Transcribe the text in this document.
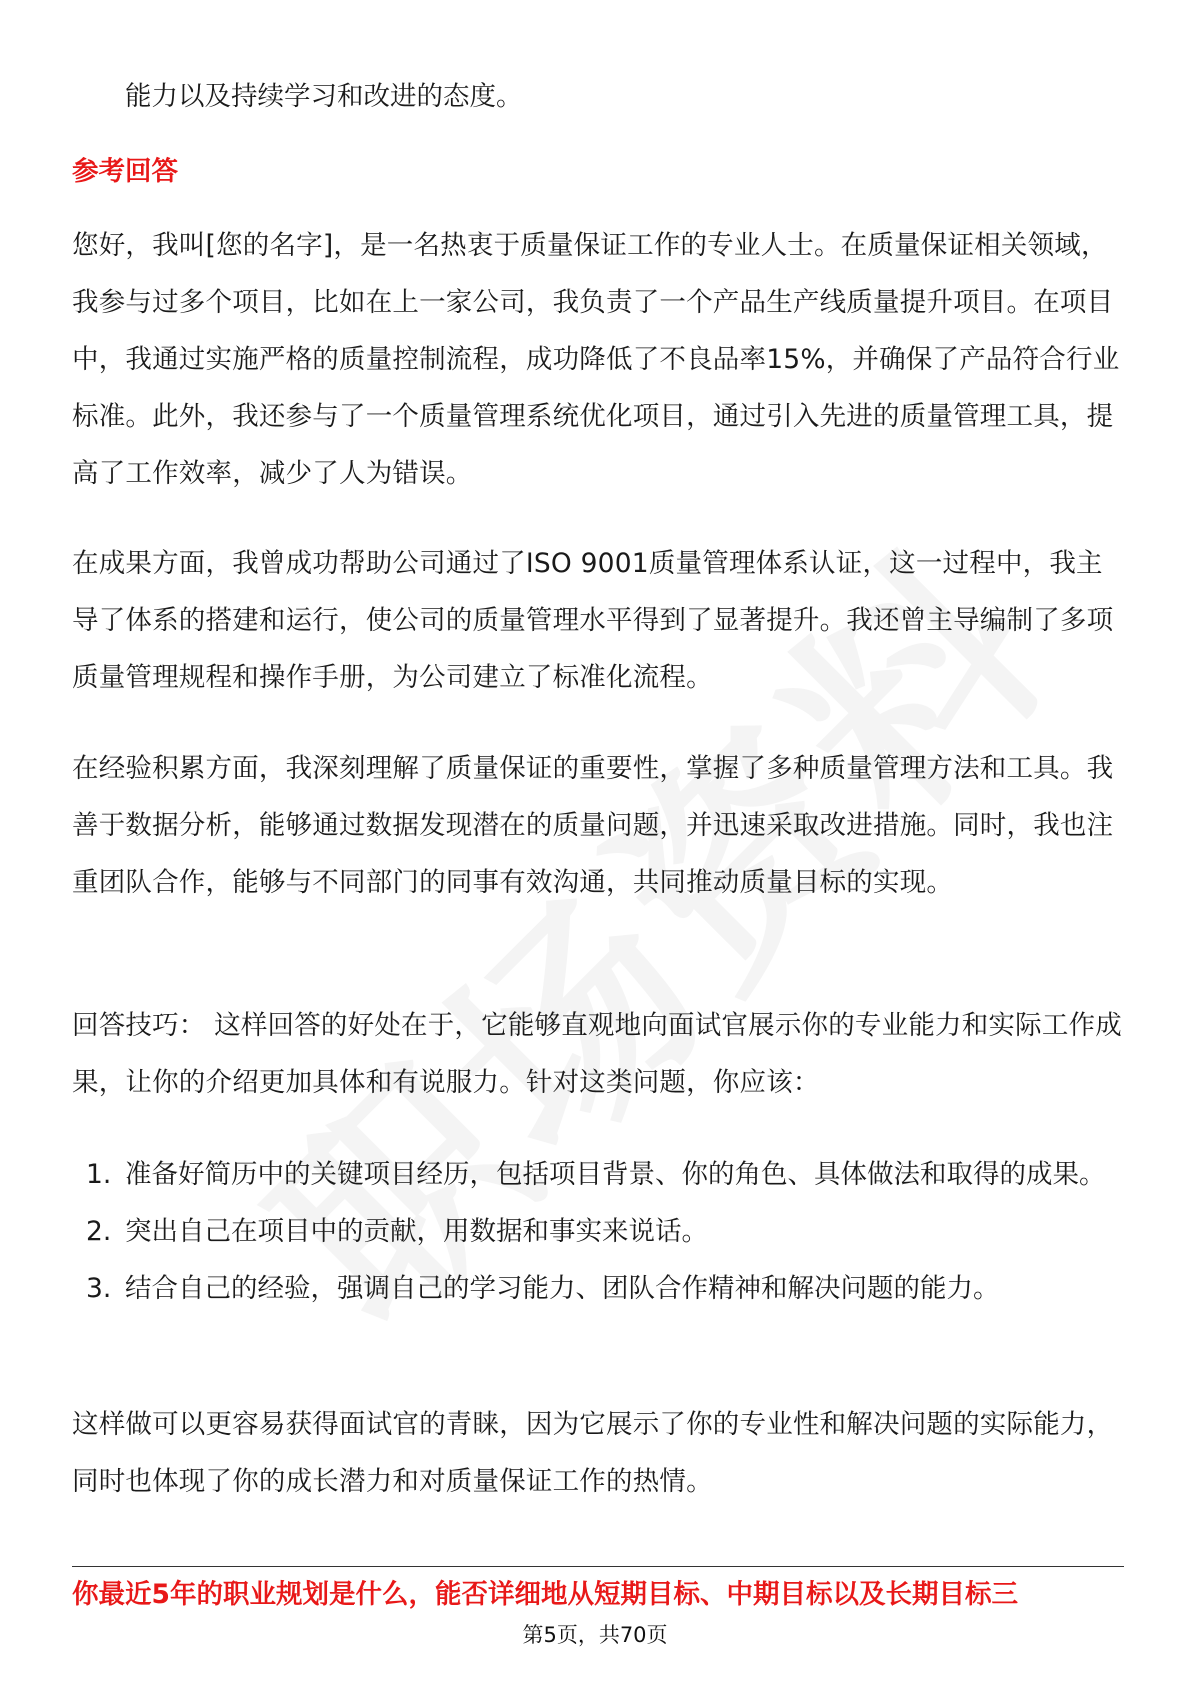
能力以及持续学习和改进的态度。
参考回答
您好，我叫[您的名字]，是一名热衷于质量保证工作的专业人士。在质量保证相关领域，我参与过多个项目，比如在上一家公司，我负责了一个产品生产线质量提升项目。在项目中，我通过实施严格的质量控制流程，成功降低了不良品率15%，并确保了产品符合行业标准。此外，我还参与了一个质量管理系统优化项目，通过引入先进的质量管理工具，提高了工作效率，减少了人为错误。
在成果方面，我曾成功帮助公司通过了ISO 9001质量管理体系认证，这一过程中，我主导了体系的搭建和运行，使公司的质量管理水平得到了显著提升。我还曾主导编制了多项质量管理规程和操作手册，为公司建立了标准化流程。
在经验积累方面，我深刻理解了质量保证的重要性，掌握了多种质量管理方法和工具。我善于数据分析，能够通过数据发现潜在的质量问题，并迅速采取改进措施。同时，我也注重团队合作，能够与不同部门的同事有效沟通，共同推动质量目标的实现。
回答技巧： 这样回答的好处在于，它能够直观地向面试官展示你的专业能力和实际工作成果，让你的介绍更加具体和有说服力。针对这类问题，你应该：
1. 准备好简历中的关键项目经历，包括项目背景、你的角色、具体做法和取得的成果。
2. 突出自己在项目中的贡献，用数据和事实来说话。
3. 结合自己的经验，强调自己的学习能力、团队合作精神和解决问题的能力。
这样做可以更容易获得面试官的青睐，因为它展示了你的专业性和解决问题的实际能力，同时也体现了你的成长潜力和对质量保证工作的热情。
你最近5年的职业规划是什么，能否详细地从短期目标、中期目标以及长期目标三
第5页，共70页
